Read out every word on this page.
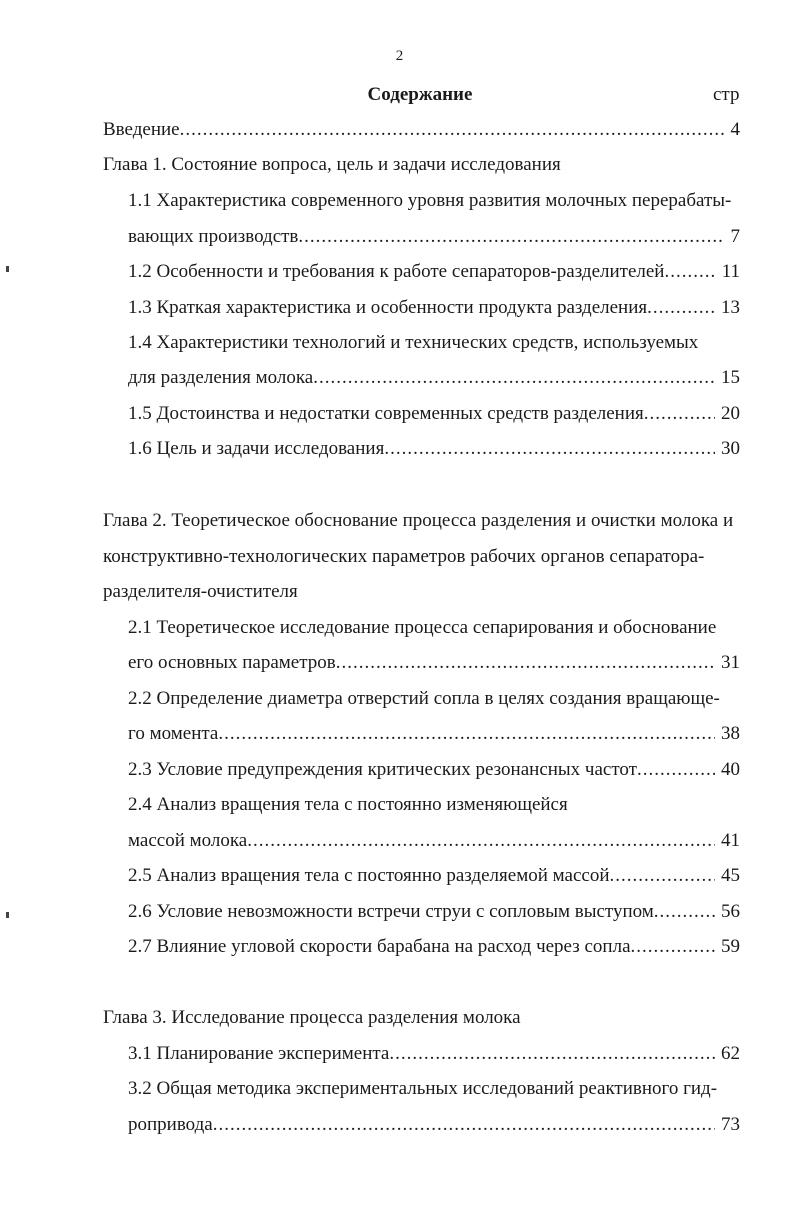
2
Содержание	стр
Введение .....	4
Глава 1. Состояние вопроса, цель и задачи исследования
1.1 Характеристика современного уровня развития молочных перерабаты-
вающих производств .....	7
1.2 Особенности и требования к работе сепараторов-разделителей .....	11
1.3 Краткая характеристика и особенности продукта разделения .....	13
1.4 Характеристики технологий и технических средств, используемых
для разделения молока .....	15
1.5 Достоинства и недостатки современных средств разделения .....	20
1.6 Цель и задачи исследования .....	30
Глава 2. Теоретическое обоснование процесса разделения и очистки молока и
конструктивно-технологических параметров рабочих органов сепаратора-
разделителя-очистителя
2.1 Теоретическое исследование процесса сепарирования и обоснование
его основных параметров .....	31
2.2 Определение диаметра отверстий сопла в целях создания вращающе-
го момента .....	38
2.3 Условие предупреждения критических резонансных частот .....	40
2.4 Анализ вращения тела с постоянно изменяющейся
массой молока .....	41
2.5 Анализ вращения тела с постоянно разделяемой массой .....	45
2.6 Условие невозможности встречи струи с сопловым выступом .....	56
2.7 Влияние угловой скорости барабана на расход через сопла .....	59
Глава 3. Исследование процесса разделения молока
3.1 Планирование эксперимента .....	62
3.2 Общая методика экспериментальных исследований реактивного гид-
ропривода .....	73
